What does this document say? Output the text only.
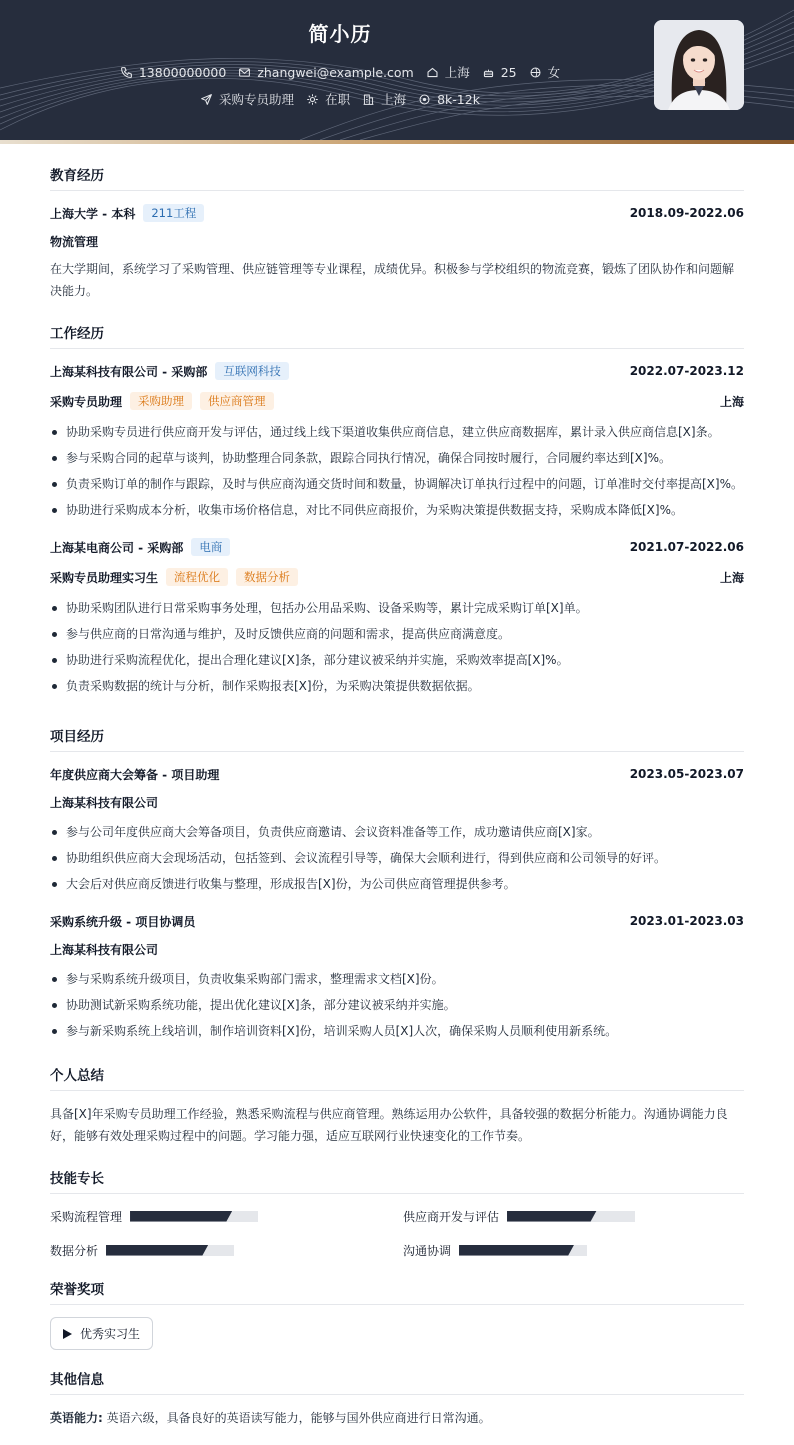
简小历
13800000000 zhangwei@example.com 上海 25 女
采购专员助理 在职 上海 8k-12k
教育经历
上海大学 - 本科	211工程	2018.09-2022.06
物流管理
在大学期间，系统学习了采购管理、供应链管理等专业课程，成绩优异。积极参与学校组织的物流竞赛，锻炼了团队协作和问题解决能力。
工作经历
上海某科技有限公司 - 采购部	互联网科技	2022.07-2023.12
采购专员助理	采购助理	供应商管理	上海
协助采购专员进行供应商开发与评估，通过线上线下渠道收集供应商信息，建立供应商数据库，累计录入供应商信息[X]条。
参与采购合同的起草与谈判，协助整理合同条款，跟踪合同执行情况，确保合同按时履行，合同履约率达到[X]%。
负责采购订单的制作与跟踪，及时与供应商沟通交货时间和数量，协调解决订单执行过程中的问题，订单准时交付率提高[X]%。
协助进行采购成本分析，收集市场价格信息，对比不同供应商报价，为采购决策提供数据支持，采购成本降低[X]%。
上海某电商公司 - 采购部	电商	2021.07-2022.06
采购专员助理实习生	流程优化	数据分析	上海
协助采购团队进行日常采购事务处理，包括办公用品采购、设备采购等，累计完成采购订单[X]单。
参与供应商的日常沟通与维护，及时反馈供应商的问题和需求，提高供应商满意度。
协助进行采购流程优化，提出合理化建议[X]条，部分建议被采纳并实施，采购效率提高[X]%。
负责采购数据的统计与分析，制作采购报表[X]份，为采购决策提供数据依据。
项目经历
年度供应商大会筹备 - 项目助理	2023.05-2023.07
上海某科技有限公司
参与公司年度供应商大会筹备项目，负责供应商邀请、会议资料准备等工作，成功邀请供应商[X]家。
协助组织供应商大会现场活动，包括签到、会议流程引导等，确保大会顺利进行，得到供应商和公司领导的好评。
大会后对供应商反馈进行收集与整理，形成报告[X]份，为公司供应商管理提供参考。
采购系统升级 - 项目协调员	2023.01-2023.03
上海某科技有限公司
参与采购系统升级项目，负责收集采购部门需求，整理需求文档[X]份。
协助测试新采购系统功能，提出优化建议[X]条，部分建议被采纳并实施。
参与新采购系统上线培训，制作培训资料[X]份，培训采购人员[X]人次，确保采购人员顺利使用新系统。
个人总结
具备[X]年采购专员助理工作经验，熟悉采购流程与供应商管理。熟练运用办公软件，具备较强的数据分析能力。沟通协调能力良好，能够有效处理采购过程中的问题。学习能力强，适应互联网行业快速变化的工作节奏。
技能专长
采购流程管理	供应商开发与评估
数据分析	沟通协调
荣誉奖项
优秀实习生
其他信息
英语能力: 英语六级，具备良好的英语读写能力，能够与国外供应商进行日常沟通。
